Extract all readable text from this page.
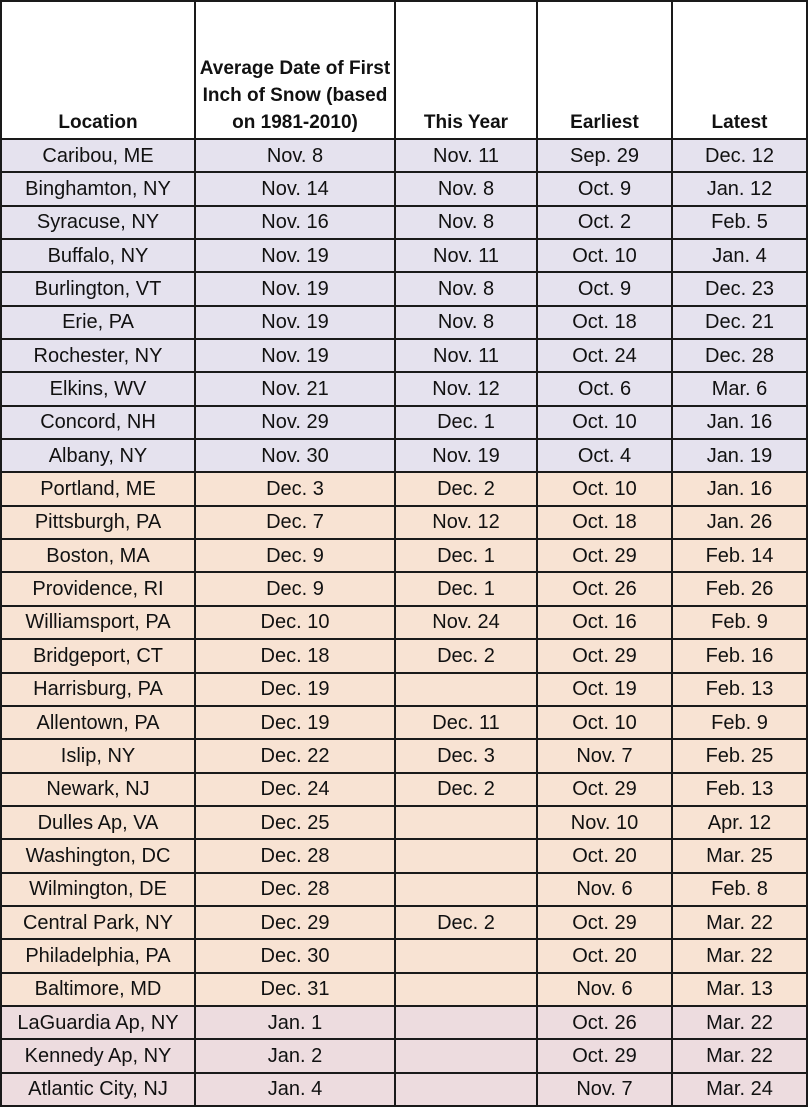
Location	Average Date of First Inch of Snow (based on 1981-2010)	This Year	Earliest	Latest
Caribou, ME	Nov. 8	Nov. 11	Sep. 29	Dec. 12
Binghamton, NY	Nov. 14	Nov. 8	Oct. 9	Jan. 12
Syracuse, NY	Nov. 16	Nov. 8	Oct. 2	Feb. 5
Buffalo, NY	Nov. 19	Nov. 11	Oct. 10	Jan. 4
Burlington, VT	Nov. 19	Nov. 8	Oct. 9	Dec. 23
Erie, PA	Nov. 19	Nov. 8	Oct. 18	Dec. 21
Rochester, NY	Nov. 19	Nov. 11	Oct. 24	Dec. 28
Elkins, WV	Nov. 21	Nov. 12	Oct. 6	Mar. 6
Concord, NH	Nov. 29	Dec. 1	Oct. 10	Jan. 16
Albany, NY	Nov. 30	Nov. 19	Oct. 4	Jan. 19
Portland, ME	Dec. 3	Dec. 2	Oct. 10	Jan. 16
Pittsburgh, PA	Dec. 7	Nov. 12	Oct. 18	Jan. 26
Boston, MA	Dec. 9	Dec. 1	Oct. 29	Feb. 14
Providence, RI	Dec. 9	Dec. 1	Oct. 26	Feb. 26
Williamsport, PA	Dec. 10	Nov. 24	Oct. 16	Feb. 9
Bridgeport, CT	Dec. 18	Dec. 2	Oct. 29	Feb. 16
Harrisburg, PA	Dec. 19		Oct. 19	Feb. 13
Allentown, PA	Dec. 19	Dec. 11	Oct. 10	Feb. 9
Islip, NY	Dec. 22	Dec. 3	Nov. 7	Feb. 25
Newark, NJ	Dec. 24	Dec. 2	Oct. 29	Feb. 13
Dulles Ap, VA	Dec. 25		Nov. 10	Apr. 12
Washington, DC	Dec. 28		Oct. 20	Mar. 25
Wilmington, DE	Dec. 28		Nov. 6	Feb. 8
Central Park, NY	Dec. 29	Dec. 2	Oct. 29	Mar. 22
Philadelphia, PA	Dec. 30		Oct. 20	Mar. 22
Baltimore, MD	Dec. 31		Nov. 6	Mar. 13
LaGuardia Ap, NY	Jan. 1		Oct. 26	Mar. 22
Kennedy Ap, NY	Jan. 2		Oct. 29	Mar. 22
Atlantic City, NJ	Jan. 4		Nov. 7	Mar. 24
